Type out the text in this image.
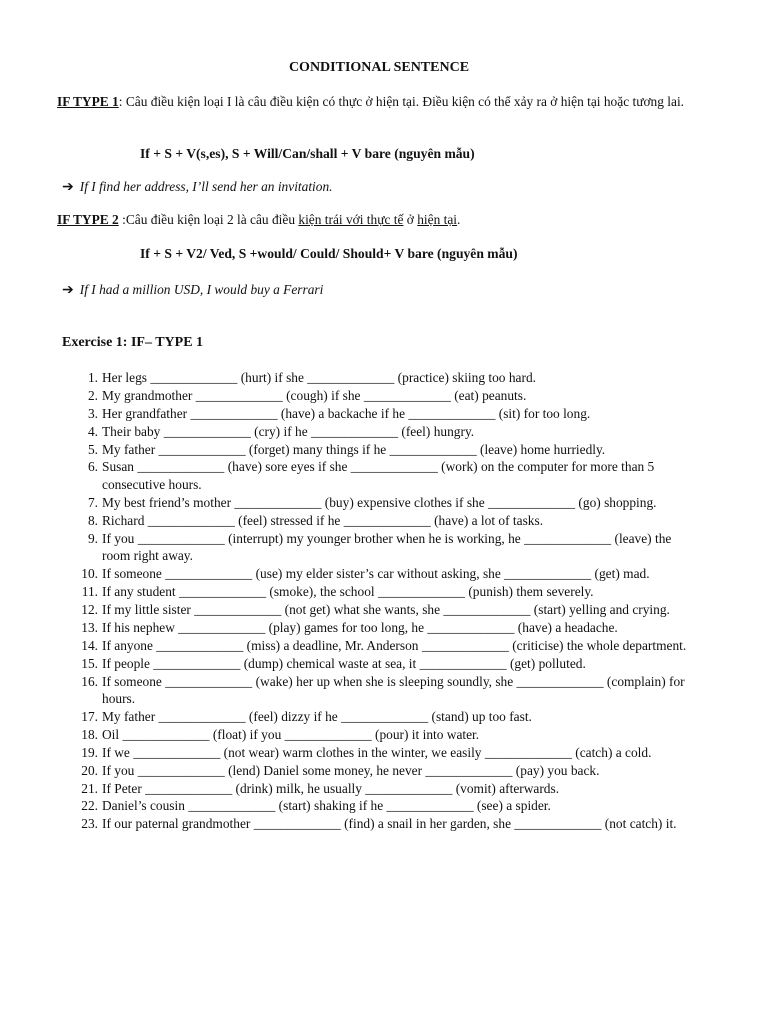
CONDITIONAL SENTENCE
IF TYPE 1: Câu điều kiện loại I là câu điều kiện có thực ở hiện tại. Điều kiện có thể xảy ra ở hiện tại hoặc tương lai.
If + S + V(s,es), S + Will/Can/shall + V bare (nguyên mẫu)
➔ If I find her address, I’ll send her an invitation.
IF TYPE 2 :Câu điều kiện loại 2 là câu điều kiện trái với thực tế ở hiện tại.
If + S + V2/ Ved, S +would/ Could/ Should+ V bare (nguyên mẫu)
➔ If I had a million USD, I would buy a Ferrari
Exercise 1: IF– TYPE 1
1. Her legs _____________ (hurt) if she _____________ (practice) skiing too hard.
2. My grandmother _____________ (cough) if she _____________ (eat) peanuts.
3. Her grandfather _____________ (have) a backache if he _____________ (sit) for too long.
4. Their baby _____________ (cry) if he _____________ (feel) hungry.
5. My father _____________ (forget) many things if he _____________ (leave) home hurriedly.
6. Susan _____________ (have) sore eyes if she _____________ (work) on the computer for more than 5 consecutive hours.
7. My best friend’s mother _____________ (buy) expensive clothes if she _____________ (go) shopping.
8. Richard _____________ (feel) stressed if he _____________ (have) a lot of tasks.
9. If you _____________ (interrupt) my younger brother when he is working, he _____________ (leave) the room right away.
10. If someone _____________ (use) my elder sister’s car without asking, she _____________ (get) mad.
11. If any student _____________ (smoke), the school _____________ (punish) them severely.
12. If my little sister _____________ (not get) what she wants, she _____________ (start) yelling and crying.
13. If his nephew _____________ (play) games for too long, he _____________ (have) a headache.
14. If anyone _____________ (miss) a deadline, Mr. Anderson _____________ (criticise) the whole department.
15. If people _____________ (dump) chemical waste at sea, it _____________ (get) polluted.
16. If someone _____________ (wake) her up when she is sleeping soundly, she _____________ (complain) for hours.
17. My father _____________ (feel) dizzy if he _____________ (stand) up too fast.
18. Oil _____________ (float) if you _____________ (pour) it into water.
19. If we _____________ (not wear) warm clothes in the winter, we easily _____________ (catch) a cold.
20. If you _____________ (lend) Daniel some money, he never _____________ (pay) you back.
21. If Peter _____________ (drink) milk, he usually _____________ (vomit) afterwards.
22. Daniel’s cousin _____________ (start) shaking if he _____________ (see) a spider.
23. If our paternal grandmother _____________ (find) a snail in her garden, she _____________ (not catch) it.
